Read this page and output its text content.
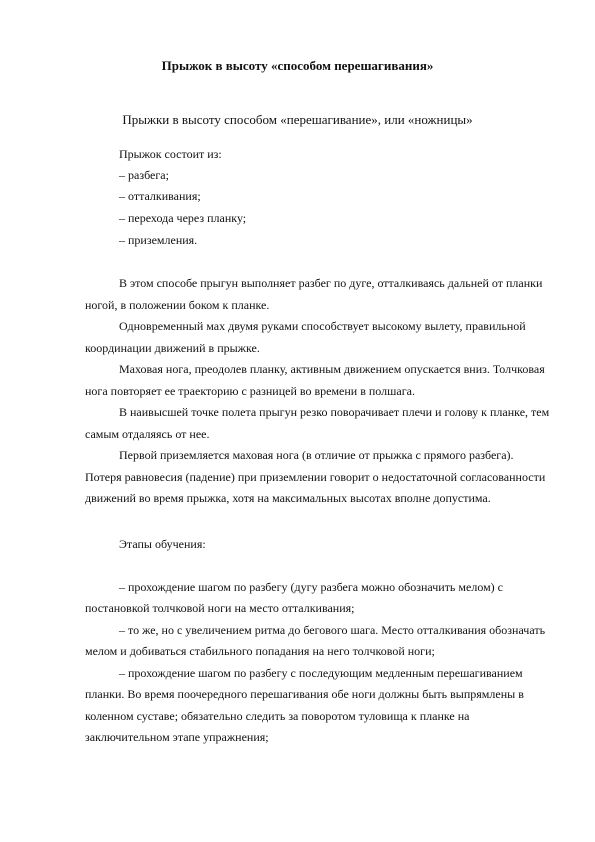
Прыжок в высоту «способом перешагивания»
Прыжки в высоту способом «перешагивание», или «ножницы»
Прыжок состоит из:
– разбега;
– отталкивания;
– перехода через планку;
– приземления.
В этом способе прыгун выполняет разбег по дуге, отталкиваясь дальней от планки
ногой, в положении боком к планке.
Одновременный мах двумя руками способствует высокому вылету, правильной
координации движений в прыжке.
Маховая нога, преодолев планку, активным движением опускается вниз. Толчковая
нога повторяет ее траекторию с разницей во времени в полшага.
В наивысшей точке полета прыгун резко поворачивает плечи и голову к планке, тем
самым отдаляясь от нее.
Первой приземляется маховая нога (в отличие от прыжка с прямого разбега).
Потеря равновесия (падение) при приземлении говорит о недостаточной согласованности
движений во время прыжка, хотя на максимальных высотах вполне допустима.
Этапы обучения:
– прохождение шагом по разбегу (дугу разбега можно обозначить мелом) с
постановкой толчковой ноги на место отталкивания;
– то же, но с увеличением ритма до бегового шага. Место отталкивания обозначать
мелом и добиваться стабильного попадания на него толчковой ноги;
– прохождение шагом по разбегу с последующим медленным перешагиванием
планки. Во время поочередного перешагивания обе ноги должны быть выпрямлены в
коленном суставе; обязательно следить за поворотом туловища к планке на
заключительном этапе упражнения;
